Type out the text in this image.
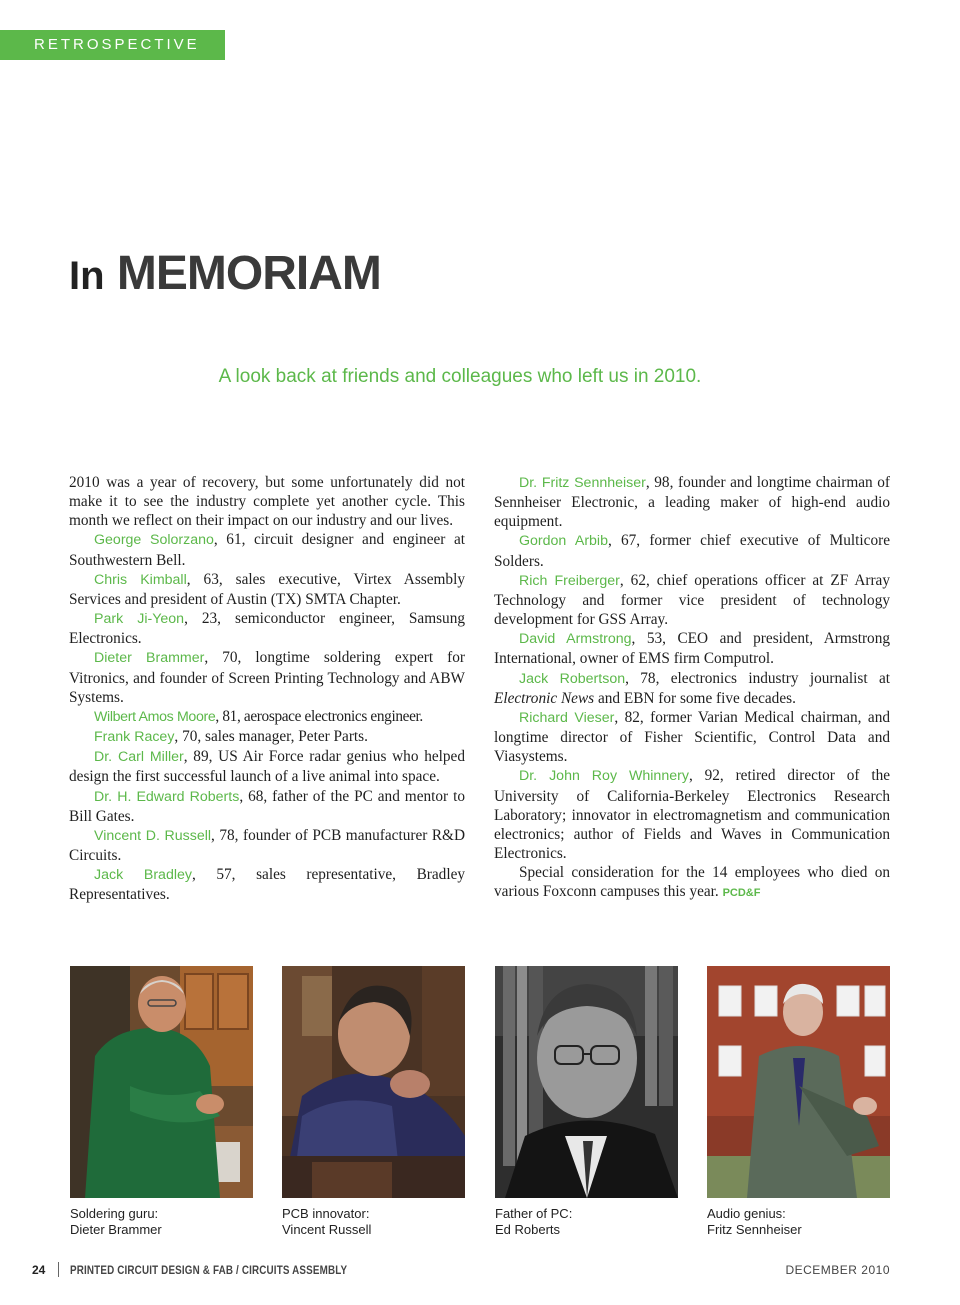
RETROSPECTIVE
In MEMORIAM
A look back at friends and colleagues who left us in 2010.

2010 was a year of recovery, but some unfortunately did not make it to see the industry complete yet another cycle. This month we reflect on their impact on our industry and our lives.

George Solorzano, 61, circuit designer and engineer at Southwestern Bell.

Chris Kimball, 63, sales executive, Virtex Assembly Services and president of Austin (TX) SMTA Chapter.

Park Ji-Yeon, 23, semiconductor engineer, Samsung Electronics.

Dieter Brammer, 70, longtime soldering expert for Vitronics, and founder of Screen Printing Technology and ABW Systems.

Wilbert Amos Moore, 81, aerospace electronics engineer.

Frank Racey, 70, sales manager, Peter Parts.

Dr. Carl Miller, 89, US Air Force radar genius who helped design the first successful launch of a live animal into space.

Dr. H. Edward Roberts, 68, father of the PC and mentor to Bill Gates.

Vincent D. Russell, 78, founder of PCB manufacturer R&D Circuits.

Jack Bradley, 57, sales representative, Bradley Representatives.

Dr. Fritz Sennheiser, 98, founder and longtime chairman of Sennheiser Electronic, a leading maker of high-end audio equipment.

Gordon Arbib, 67, former chief executive of Multicore Solders.

Rich Freiberger, 62, chief operations officer at ZF Array Technology and former vice president of technology development for GSS Array.

David Armstrong, 53, CEO and president, Armstrong International, owner of EMS firm Computrol.

Jack Robertson, 78, electronics industry journalist at Electronic News and EBN for some five decades.

Richard Vieser, 82, former Varian Medical chairman, and longtime director of Fisher Scientific, Control Data and Viasystems.

Dr. John Roy Whinnery, 92, retired director of the University of California-Berkeley Electronics Research Laboratory; innovator in electromagnetism and communication electronics; author of Fields and Waves in Communication Electronics.

Special consideration for the 14 employees who died on various Foxconn campuses this year. PCD&F

Soldering guru:
Dieter Brammer
PCB innovator:
Vincent Russell
Father of PC:
Ed Roberts
Audio genius:
Fritz Sennheiser
24 PRINTED CIRCUIT DESIGN & FAB / CIRCUITS ASSEMBLY	DECEMBER 2010
